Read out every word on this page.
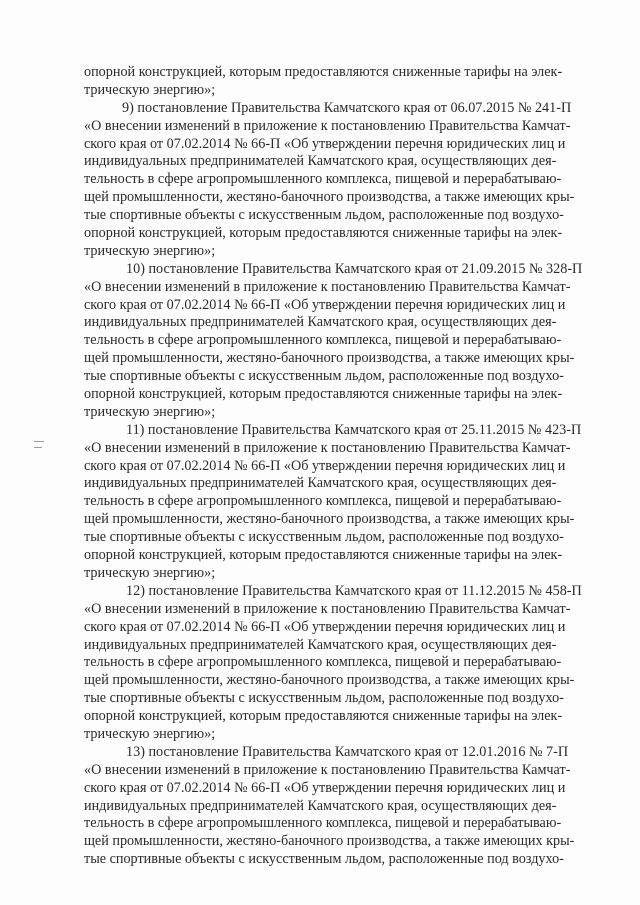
опорной конструкцией, которым предоставляются сниженные тарифы на элек-
трическую энергию»;
9) постановление Правительства Камчатского края от 06.07.2015 № 241-П
«О внесении изменений в приложение к постановлению Правительства Камчат-
ского края от 07.02.2014 № 66-П «Об утверждении перечня юридических лиц и
индивидуальных предпринимателей Камчатского края, осуществляющих дея-
тельность в сфере агропромышленного комплекса, пищевой и перерабатываю-
щей промышленности, жестяно-баночного производства, а также имеющих кры-
тые спортивные объекты с искусственным льдом, расположенные под воздухо-
опорной конструкцией, которым предоставляются сниженные тарифы на элек-
трическую энергию»;
10) постановление Правительства Камчатского края от 21.09.2015 № 328-П
«О внесении изменений в приложение к постановлению Правительства Камчат-
ского края от 07.02.2014 № 66-П «Об утверждении перечня юридических лиц и
индивидуальных предпринимателей Камчатского края, осуществляющих дея-
тельность в сфере агропромышленного комплекса, пищевой и перерабатываю-
щей промышленности, жестяно-баночного производства, а также имеющих кры-
тые спортивные объекты с искусственным льдом, расположенные под воздухо-
опорной конструкцией, которым предоставляются сниженные тарифы на элек-
трическую энергию»;
11) постановление Правительства Камчатского края от 25.11.2015 № 423-П
«О внесении изменений в приложение к постановлению Правительства Камчат-
ского края от 07.02.2014 № 66-П «Об утверждении перечня юридических лиц и
индивидуальных предпринимателей Камчатского края, осуществляющих дея-
тельность в сфере агропромышленного комплекса, пищевой и перерабатываю-
щей промышленности, жестяно-баночного производства, а также имеющих кры-
тые спортивные объекты с искусственным льдом, расположенные под воздухо-
опорной конструкцией, которым предоставляются сниженные тарифы на элек-
трическую энергию»;
12) постановление Правительства Камчатского края от 11.12.2015 № 458-П
«О внесении изменений в приложение к постановлению Правительства Камчат-
ского края от 07.02.2014 № 66-П «Об утверждении перечня юридических лиц и
индивидуальных предпринимателей Камчатского края, осуществляющих дея-
тельность в сфере агропромышленного комплекса, пищевой и перерабатываю-
щей промышленности, жестяно-баночного производства, а также имеющих кры-
тые спортивные объекты с искусственным льдом, расположенные под воздухо-
опорной конструкцией, которым предоставляются сниженные тарифы на элек-
трическую энергию»;
13) постановление Правительства Камчатского края от 12.01.2016 № 7-П
«О внесении изменений в приложение к постановлению Правительства Камчат-
ского края от 07.02.2014 № 66-П «Об утверждении перечня юридических лиц и
индивидуальных предпринимателей Камчатского края, осуществляющих дея-
тельность в сфере агропромышленного комплекса, пищевой и перерабатываю-
щей промышленности, жестяно-баночного производства, а также имеющих кры-
тые спортивные объекты с искусственным льдом, расположенные под воздухо-
